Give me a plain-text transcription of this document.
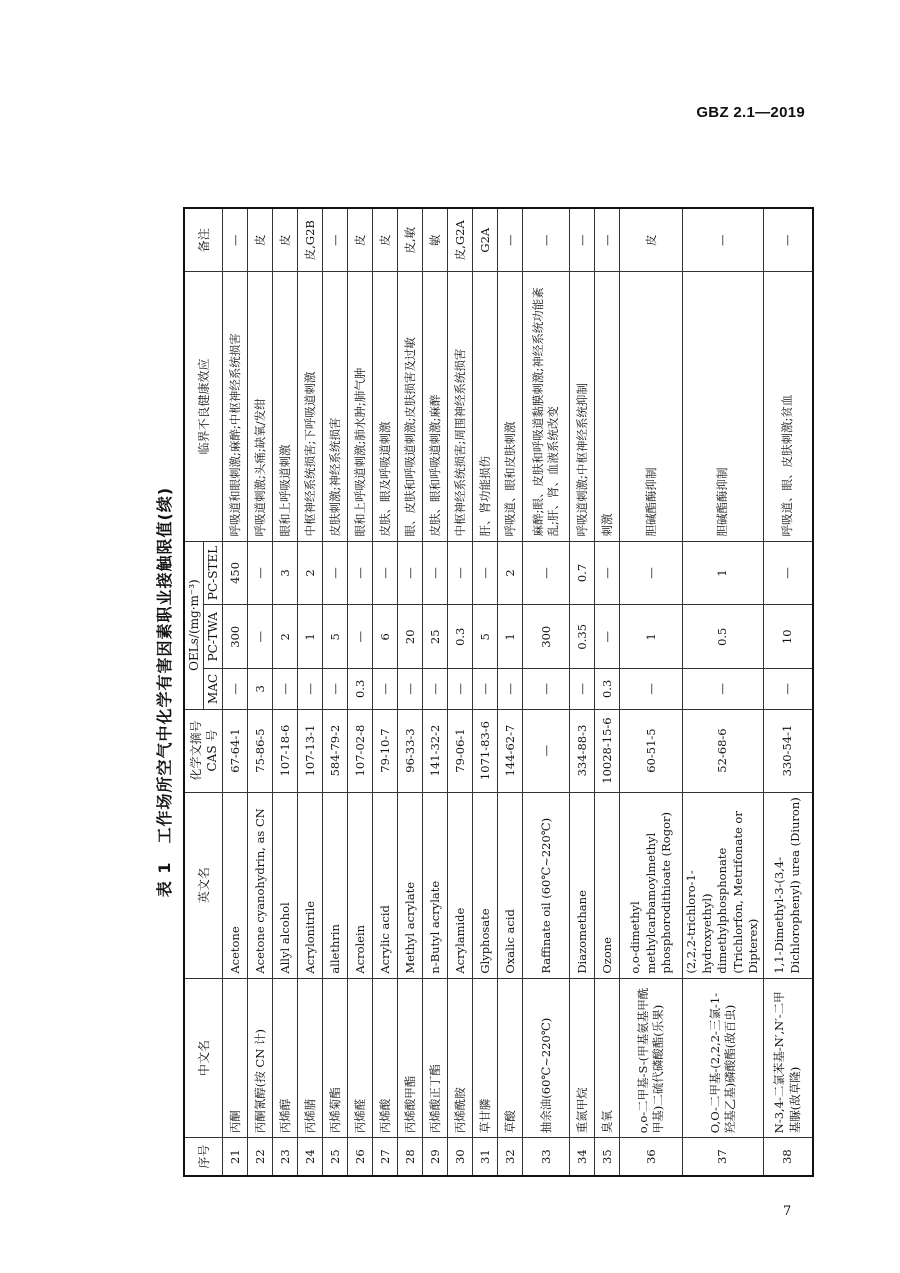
GBZ 2.1—2019
表 1工作场所空气中化学有害因素职业接触限值(续)
序号	中文名	英文名	化学文摘号 CAS 号	OELs/(mg·m⁻³)			临界不良健康效应	备注
				MAC	PC-TWA	PC-STEL		
21	丙酮	Acetone	67-64-1	—	300	450	呼吸道和眼刺激;麻醉;中枢神经系统损害	—
22	丙酮氰醇(按 CN 计)	Acetone cyanohydrin, as CN	75-86-5	3	—	—	呼吸道刺激;头痛;缺氧/发绀	皮
23	丙烯醇	Allyl alcohol	107-18-6	—	2	3	眼和上呼吸道刺激	皮
24	丙烯腈	Acrylonitrile	107-13-1	—	1	2	中枢神经系统损害;下呼吸道刺激	皮,G2B
25	丙烯菊酯	allethrin	584-79-2	—	5	—	皮肤刺激;神经系统损害	—
26	丙烯醛	Acrolein	107-02-8	0.3	—	—	眼和上呼吸道刺激;肺水肿;肺气肿	皮
27	丙烯酸	Acrylic acid	79-10-7	—	6	—	皮肤、眼及呼吸道刺激	皮
28	丙烯酸甲酯	Methyl acrylate	96-33-3	—	20	—	眼、皮肤和呼吸道刺激;皮肤损害及过敏	皮,敏
29	丙烯酸正丁酯	n-Butyl acrylate	141-32-2	—	25	—	皮肤、眼和呼吸道刺激;麻醉	敏
30	丙烯酰胺	Acrylamide	79-06-1	—	0.3	—	中枢神经系统损害;周围神经系统损害	皮,G2A
31	草甘膦	Glyphosate	1071-83-6	—	5	—	肝、肾功能损伤	G2A
32	草酸	Oxalic acid	144-62-7	—	1	2	呼吸道、眼和皮肤刺激	—
33	抽余油(60℃~220℃)	Raffinate oil (60℃~220℃)	—	—	300	—	麻醉;眼、皮肤和呼吸道黏膜刺激;神经系统功能紊乱;肝、肾、血液系统改变	—
34	重氮甲烷	Diazomethane	334-88-3	—	0.35	0.7	呼吸道刺激;中枢神经系统抑制	—
35	臭氧	Ozone	10028-15-6	0.3	—	—	刺激	—
36	o,o-二甲基-S-(甲基氨基甲酰甲基)二硫代磷酸酯(乐果)	o,o-dimethyl methylcarbamoylmethyl phosphorodithioate (Rogor)	60-51-5	—	1	—	胆碱酯酶抑制	皮
37	O,O-二甲基-(2,2,2-三氯-1-羟基乙基)磷酸酯(敌百虫)	(2,2,2-trichloro-1-hydroxyethyl) dimethylphosphonate (Trichlorfon, Metrifonate or Dipterex)	52-68-6	—	0.5	1	胆碱酯酶抑制	—
38	N-3,4-二氯苯基-N′,N′-二甲基脲(敌草隆)	1,1-Dimethyl-3-(3,4-Dichlorophenyl) urea (Diuron)	330-54-1	—	10	—	呼吸道、眼、皮肤刺激;贫血	—
7
